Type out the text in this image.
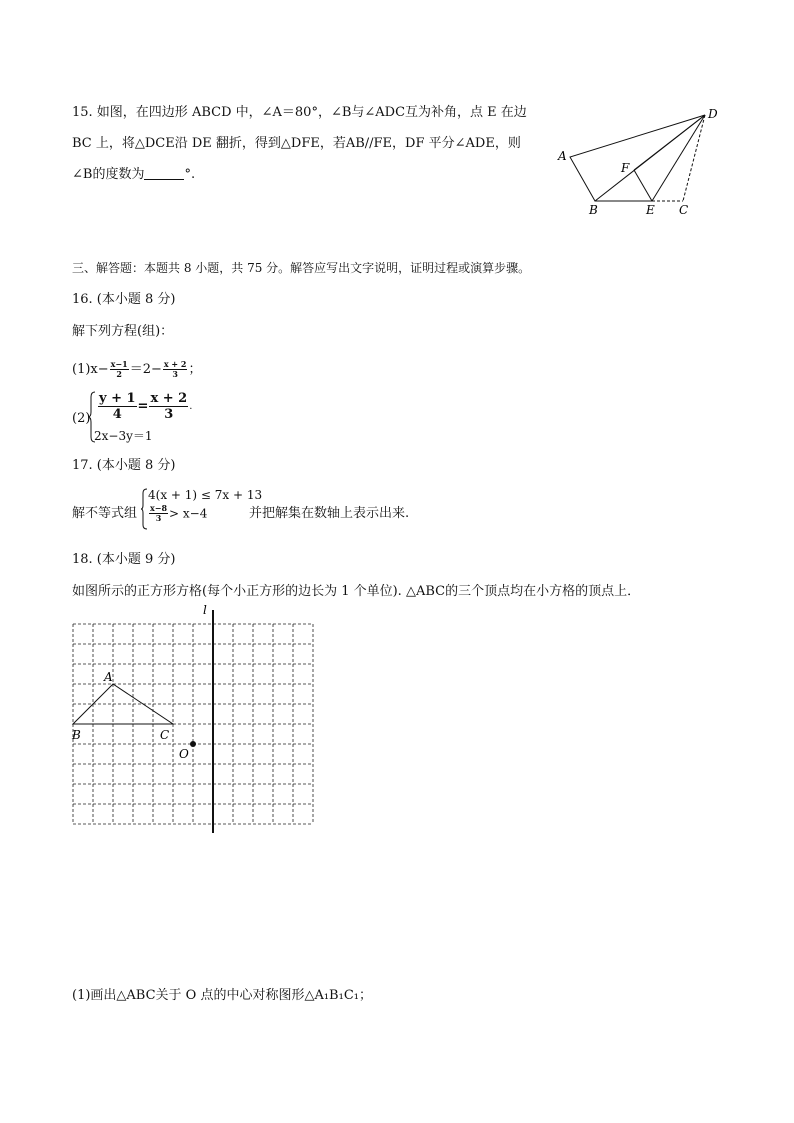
15. 如图，在四边形 ABCD 中，∠A＝80°，∠B与∠ADC互为补角，点 E 在边
BC 上，将△DCE沿 DE 翻折，得到△DFE，若AB//FE，DF 平分∠ADE，则
∠B的度数为	°.
A
B	C
D
E
F
三、解答题：本题共 8 小题，共 75 分。解答应写出文字说明，证明过程或演算步骤。
16. (本小题 8 分)
解下列方程(组)：
$(1)x- \frac{x-1}{2} =2- \frac{x + 2}{3}$ ；
$(2) \frac{y + 1}{4} = \frac{x + 2}{3}$ .
2x−3y＝1
17. (本小题 8 分)
解不等式组
4(x + 1) ≤ 7x + 13
$\frac{x-8}{3} > x-4$	并把解集在数轴上表示出来.
18. (本小题 9 分)
如图所示的正方形方格(每个小正方形的边长为 1 个单位). △ABC的三个顶点均在小方格的顶点上．
l
A
B	C
O
(1)画出△ABC关于 O 点的中心对称图形△A₁B₁C₁；
